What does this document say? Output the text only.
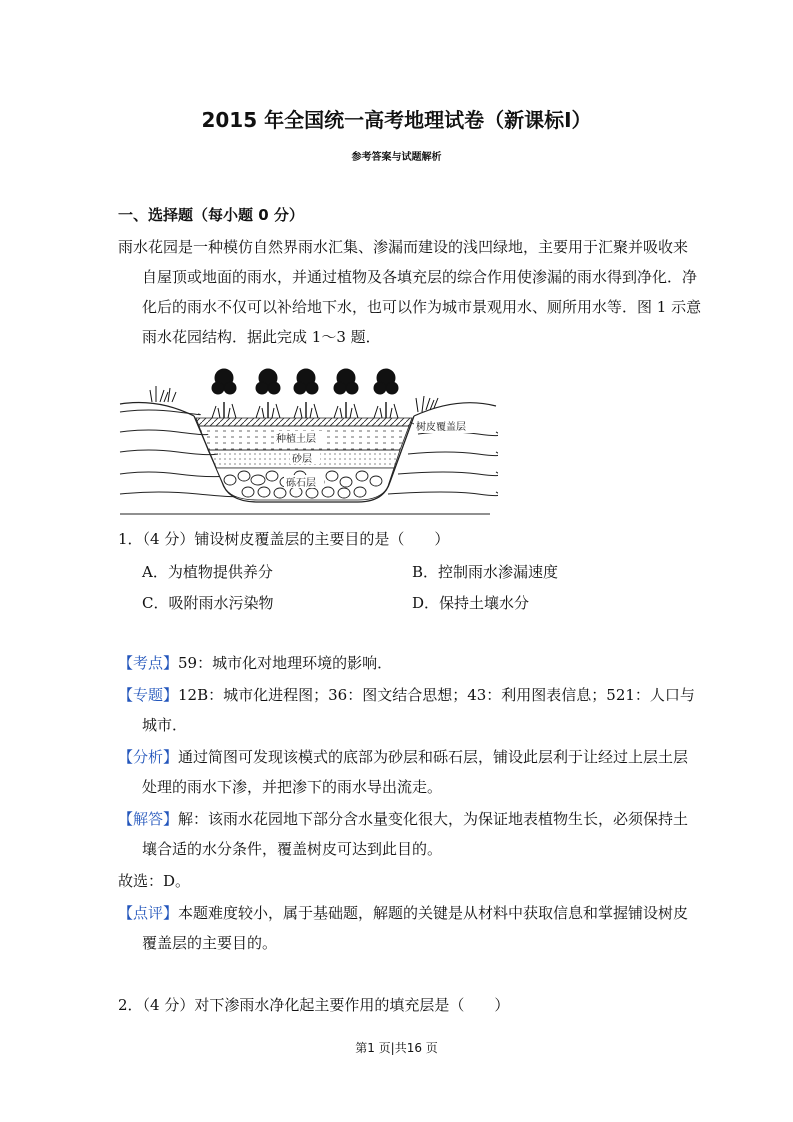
2015 年全国统一高考地理试卷（新课标Ⅰ）
参考答案与试题解析
一、选择题（每小题 0 分）
雨水花园是一种模仿自然界雨水汇集、渗漏而建设的浅凹绿地，主要用于汇聚并吸收来自屋顶或地面的雨水，并通过植物及各填充层的综合作用使渗漏的雨水得到净化．净化后的雨水不仅可以补给地下水，也可以作为城市景观用水、厕所用水等．图 1 示意雨水花园结构．据此完成 1～3 题．
树皮覆盖层
种植土层
砂层
砾石层
1．（4 分）铺设树皮覆盖层的主要目的是（　　）
A．为植物提供养分	B．控制雨水渗漏速度
C．吸附雨水污染物	D．保持土壤水分
【考点】59：城市化对地理环境的影响．
【专题】12B：城市化进程图；36：图文结合思想；43：利用图表信息；521：人口与城市．
【分析】通过简图可发现该模式的底部为砂层和砾石层，铺设此层利于让经过上层土层处理的雨水下渗，并把渗下的雨水导出流走。
【解答】解：该雨水花园地下部分含水量变化很大，为保证地表植物生长，必须保持土壤合适的水分条件，覆盖树皮可达到此目的。
故选：D。
【点评】本题难度较小，属于基础题，解题的关键是从材料中获取信息和掌握铺设树皮覆盖层的主要目的。
2．（4 分）对下渗雨水净化起主要作用的填充层是（　　）
第1 页|共16 页
